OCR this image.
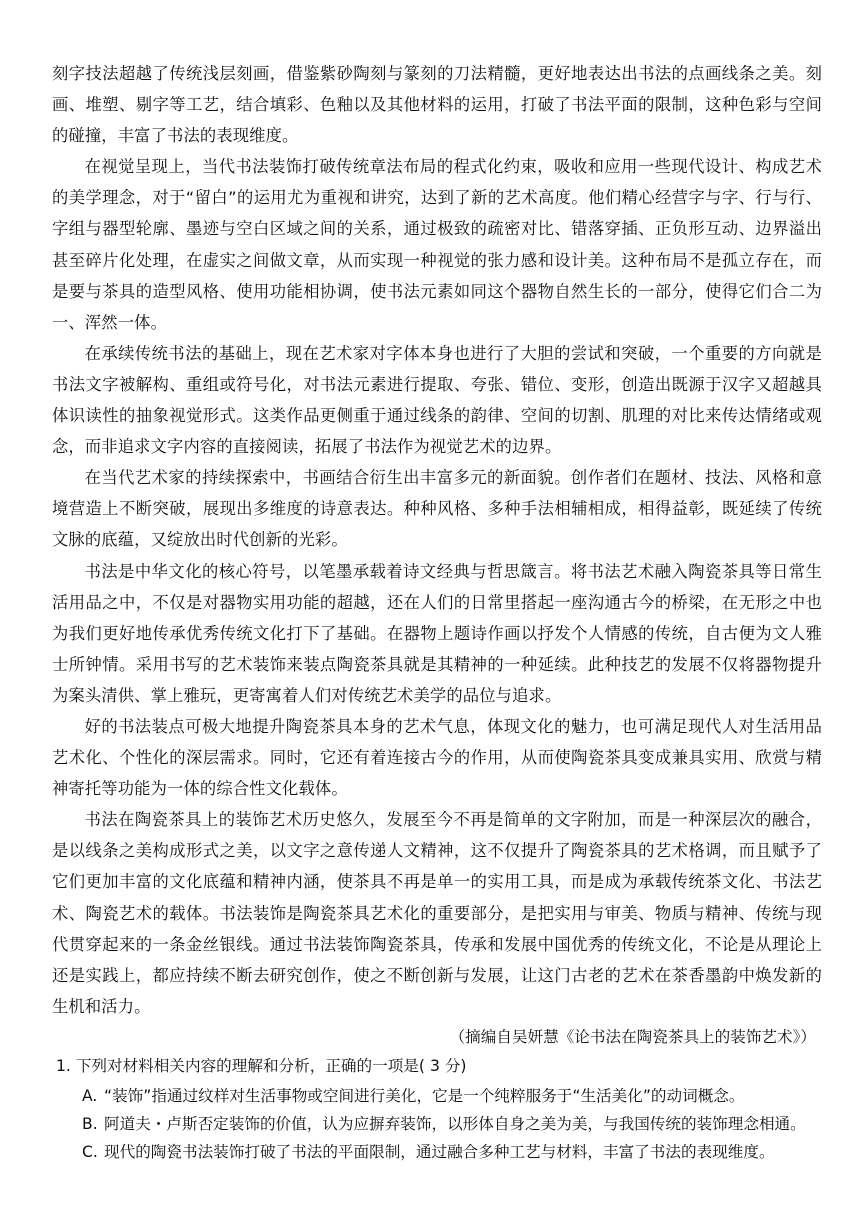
刻字技法超越了传统浅层刻画，借鉴紫砂陶刻与篆刻的刀法精髓，更好地表达出书法的点画线条之美。刻画、堆塑、剔字等工艺，结合填彩、色釉以及其他材料的运用，打破了书法平面的限制，这种色彩与空间的碰撞，丰富了书法的表现维度。

在视觉呈现上，当代书法装饰打破传统章法布局的程式化约束，吸收和应用一些现代设计、构成艺术的美学理念，对于“留白”的运用尤为重视和讲究，达到了新的艺术高度。他们精心经营字与字、行与行、字组与器型轮廓、墨迹与空白区域之间的关系，通过极致的疏密对比、错落穿插、正负形互动、边界溢出甚至碎片化处理，在虚实之间做文章，从而实现一种视觉的张力感和设计美。这种布局不是孤立存在，而是要与茶具的造型风格、使用功能相协调，使书法元素如同这个器物自然生长的一部分，使得它们合二为一、浑然一体。

在承续传统书法的基础上，现在艺术家对字体本身也进行了大胆的尝试和突破，一个重要的方向就是书法文字被解构、重组或符号化，对书法元素进行提取、夸张、错位、变形，创造出既源于汉字又超越具体识读性的抽象视觉形式。这类作品更侧重于通过线条的韵律、空间的切割、肌理的对比来传达情绪或观念，而非追求文字内容的直接阅读，拓展了书法作为视觉艺术的边界。

在当代艺术家的持续探索中，书画结合衍生出丰富多元的新面貌。创作者们在题材、技法、风格和意境营造上不断突破，展现出多维度的诗意表达。种种风格、多种手法相辅相成，相得益彰，既延续了传统文脉的底蕴，又绽放出时代创新的光彩。

书法是中华文化的核心符号，以笔墨承载着诗文经典与哲思箴言。将书法艺术融入陶瓷茶具等日常生活用品之中，不仅是对器物实用功能的超越，还在人们的日常里搭起一座沟通古今的桥梁，在无形之中也为我们更好地传承优秀传统文化打下了基础。在器物上题诗作画以抒发个人情感的传统，自古便为文人雅士所钟情。采用书写的艺术装饰来装点陶瓷茶具就是其精神的一种延续。此种技艺的发展不仅将器物提升为案头清供、掌上雅玩，更寄寓着人们对传统艺术美学的品位与追求。

好的书法装点可极大地提升陶瓷茶具本身的艺术气息，体现文化的魅力，也可满足现代人对生活用品艺术化、个性化的深层需求。同时，它还有着连接古今的作用，从而使陶瓷茶具变成兼具实用、欣赏与精神寄托等功能为一体的综合性文化载体。

书法在陶瓷茶具上的装饰艺术历史悠久，发展至今不再是简单的文字附加，而是一种深层次的融合，是以线条之美构成形式之美，以文字之意传递人文精神，这不仅提升了陶瓷茶具的艺术格调，而且赋予了它们更加丰富的文化底蕴和精神内涵，使茶具不再是单一的实用工具，而是成为承载传统茶文化、书法艺术、陶瓷艺术的载体。书法装饰是陶瓷茶具艺术化的重要部分，是把实用与审美、物质与精神、传统与现代贯穿起来的一条金丝银线。通过书法装饰陶瓷茶具，传承和发展中国优秀的传统文化，不论是从理论上还是实践上，都应持续不断去研究创作，使之不断创新与发展，让这门古老的艺术在茶香墨韵中焕发新的生机和活力。

（摘编自吴妍慧《论书法在陶瓷茶具上的装饰艺术》）

1. 下列对材料相关内容的理解和分析，正确的一项是( 3 分)

A. “装饰”指通过纹样对生活事物或空间进行美化，它是一个纯粹服务于“生活美化”的动词概念。
B. 阿道夫・卢斯否定装饰的价值，认为应摒弃装饰，以形体自身之美为美，与我国传统的装饰理念相通。
C. 现代的陶瓷书法装饰打破了书法的平面限制，通过融合多种工艺与材料，丰富了书法的表现维度。
